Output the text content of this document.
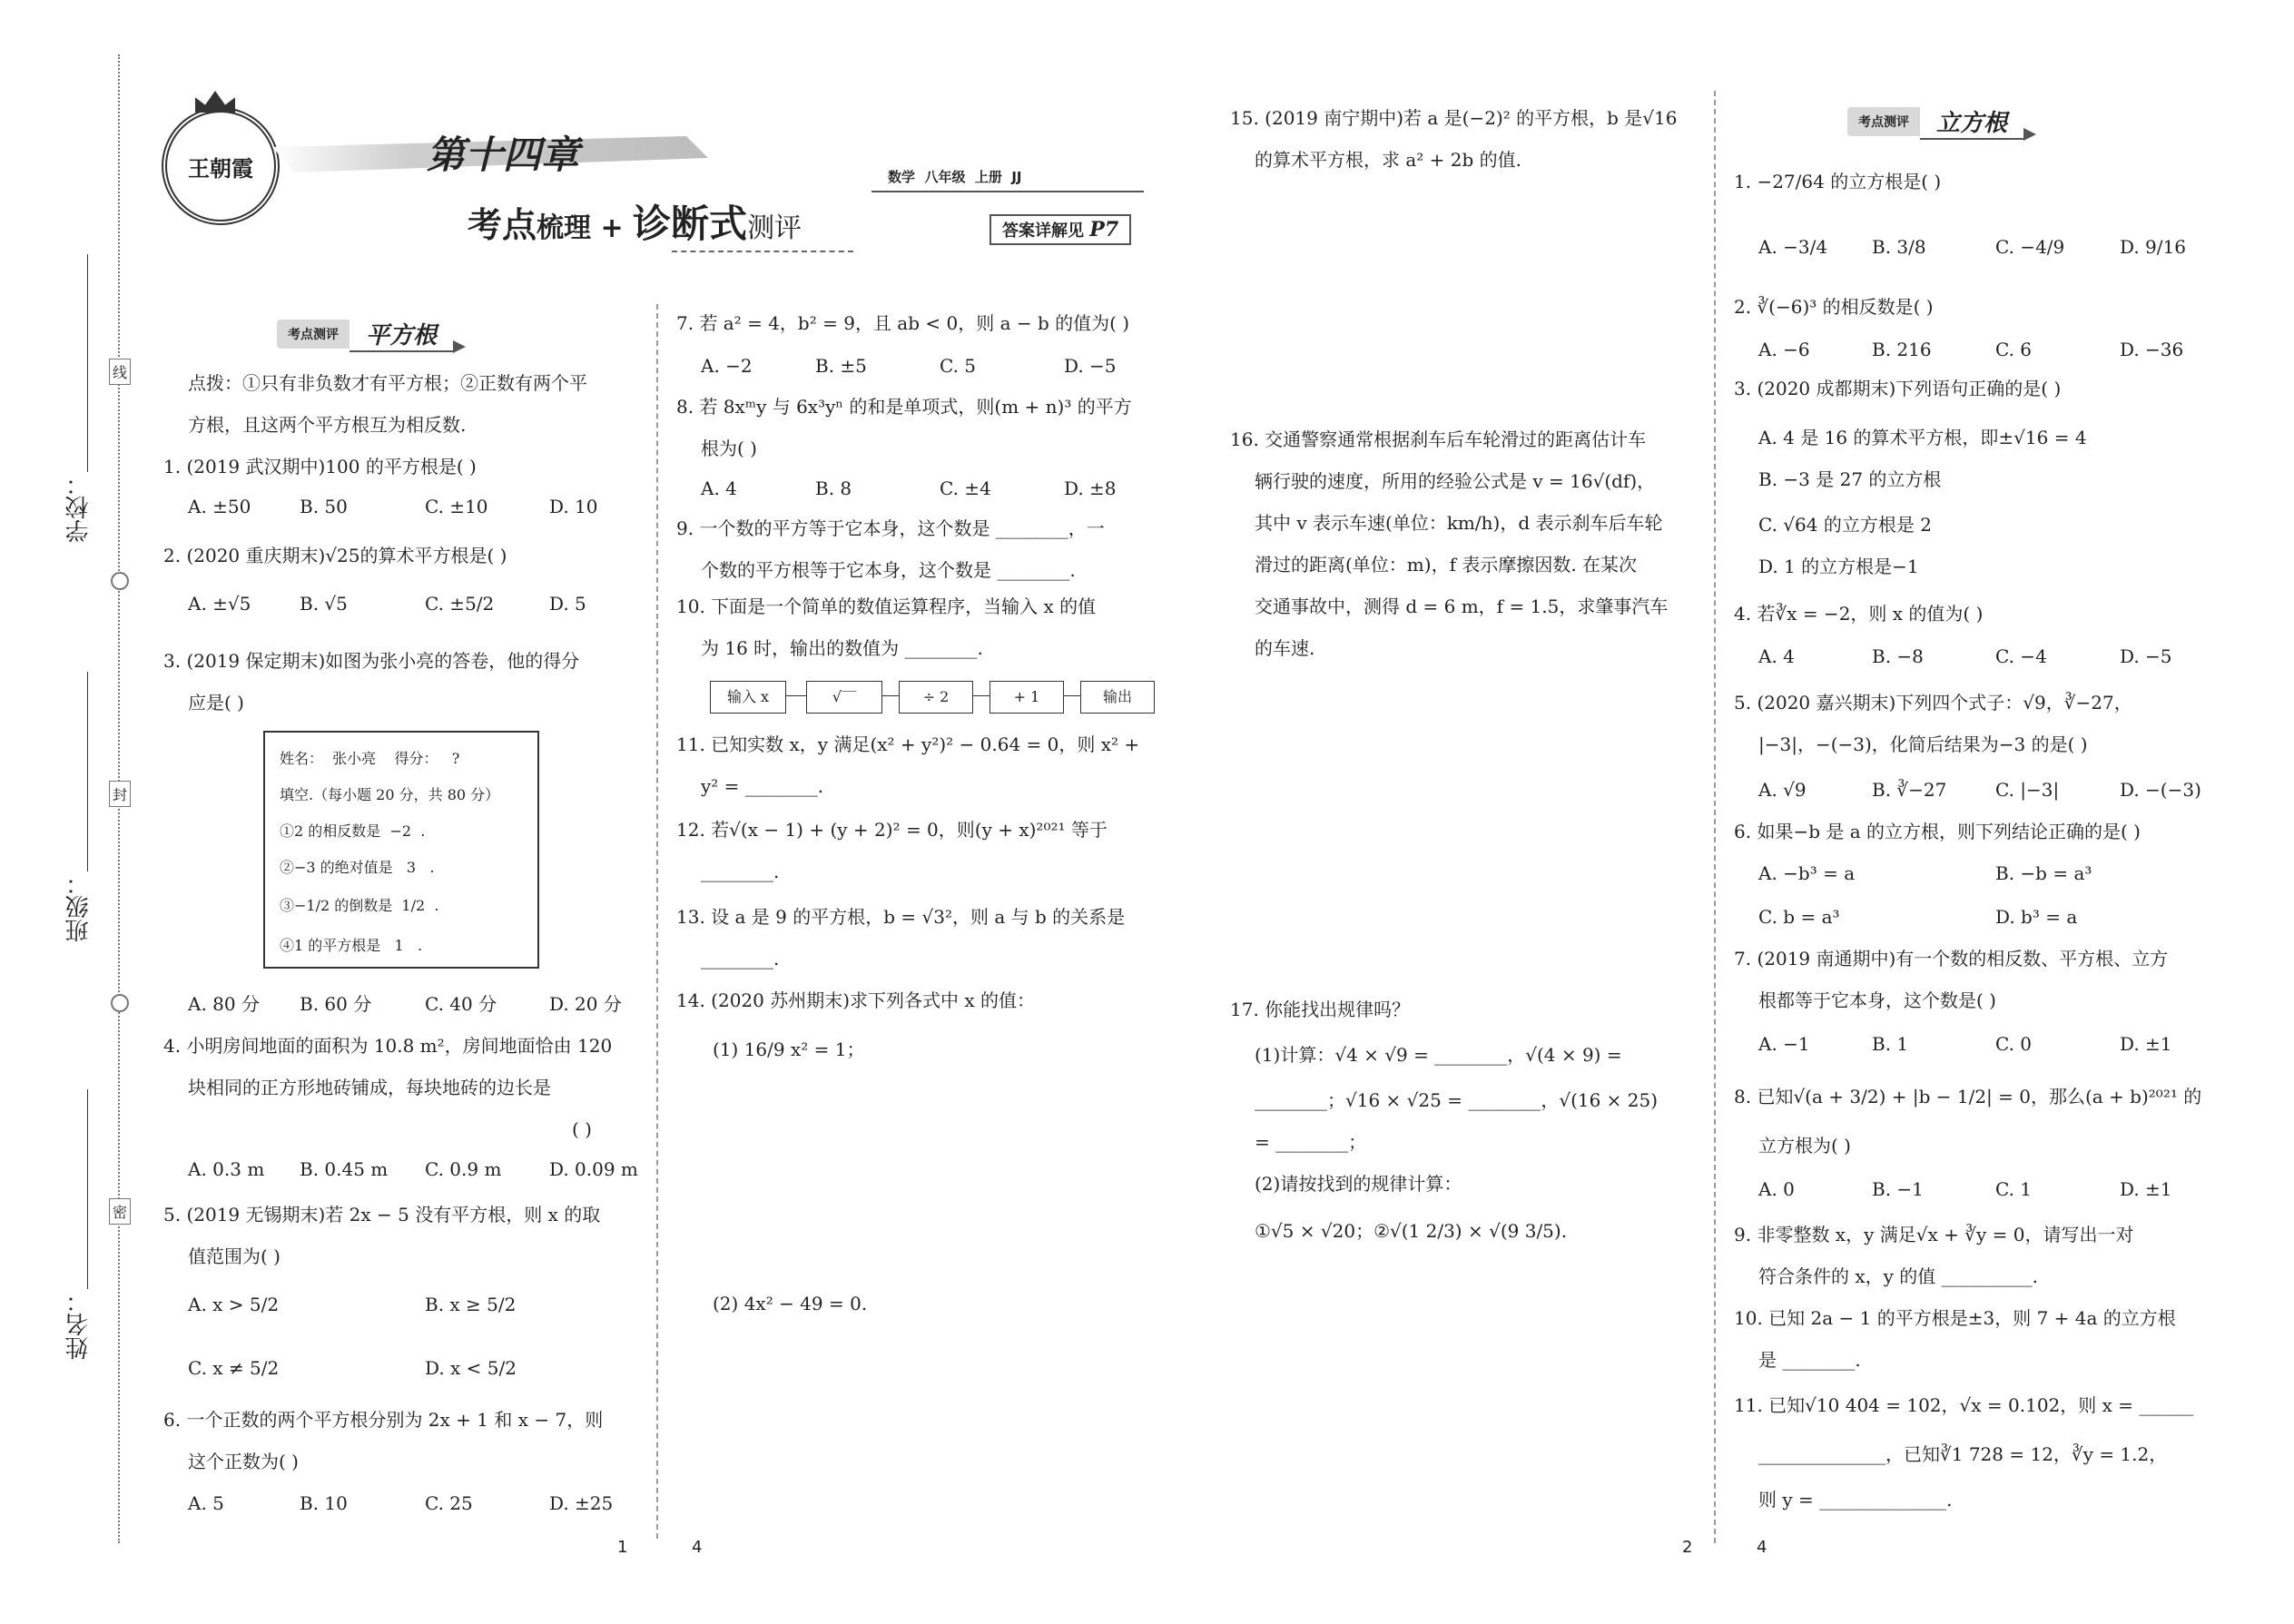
学校：
班级：
姓名：
线
封
密
王朝霞	第十四章
考点梳理 + 诊断式测评
数学  八年级  上册  JJ
答案详解见 P7
考点测评	平方根
点拨：①只有非负数才有平方根；②正数有两个平
方根，且这两个平方根互为相反数.
1. (2019 武汉期中)100 的平方根是( )
A. ±50	B. 50	C. ±10	D. 10
2. (2020 重庆期末)√25的算术平方根是( )
A. ±√5	B. √5	C. ±5/2	D. 5
3. (2019 保定期末)如图为张小亮的答卷，他的得分
应是( )
姓名：  张小亮    得分：   ?
填空.（每小题 20 分，共 80 分）
①2 的相反数是  −2  .
②−3 的绝对值是   3   .
③−1/2 的倒数是  1/2  .
④1 的平方根是   1   .
A. 80 分 B. 60 分	C. 40 分	D. 20 分
4. 小明房间地面的面积为 10.8 m²，房间地面恰由 120
块相同的正方形地砖铺成，每块地砖的边长是
( )
A. 0.3 m B. 0.45 m C. 0.9 m	D. 0.09 m
5. (2019 无锡期末)若 2x − 5 没有平方根，则 x 的取
值范围为( )
A. x > 5/2	B. x ≥ 5/2
C. x ≠ 5/2	D. x < 5/2
6. 一个正数的两个平方根分别为 2x + 1 和 x − 7，则
这个正数为( )
A. 5	B. 10	C. 25	D. ±25
7. 若 a² = 4，b² = 9，且 ab < 0，则 a − b 的值为( )
A. −2	B. ±5	C. 5	D. −5
8. 若 8xᵐy 与 6x³yⁿ 的和是单项式，则(m + n)³ 的平方
根为( )
A. 4	B. 8	C. ±4	D. ±8
9. 一个数的平方等于它本身，这个数是 ________，一
个数的平方根等于它本身，这个数是 ________.
10. 下面是一个简单的数值运算程序，当输入 x 的值
为 16 时，输出的数值为 ________.
输入 x	√‾‾	÷ 2	+ 1	输出
11. 已知实数 x，y 满足(x² + y²)² − 0.64 = 0，则 x² +
y² = ________.
12. 若√(x − 1) + (y + 2)² = 0，则(y + x)²⁰²¹ 等于
________.
13. 设 a 是 9 的平方根，b = √3²，则 a 与 b 的关系是
________.
14. (2020 苏州期末)求下列各式中 x 的值：
(1) 16/9 x² = 1；
(2) 4x² − 49 = 0.
15. (2019 南宁期中)若 a 是(−2)² 的平方根，b 是√16
的算术平方根，求 a² + 2b 的值.
16. 交通警察通常根据刹车后车轮滑过的距离估计车
辆行驶的速度，所用的经验公式是 v = 16√(df)，
其中 v 表示车速(单位：km/h)，d 表示刹车后车轮
滑过的距离(单位：m)，f 表示摩擦因数. 在某次
交通事故中，测得 d = 6 m，f = 1.5，求肇事汽车
的车速.
17. 你能找出规律吗？
(1)计算：√4 × √9 = ________，√(4 × 9) =
________；√16 × √25 = ________，√(16 × 25)
= ________；
(2)请按找到的规律计算：
①√5 × √20；②√(1 2/3) × √(9 3/5).
考点测评	立方根
1. −27/64 的立方根是( )
A. −3/4 B. 3/8	C. −4/9	D. 9/16
2. ∛(−6)³ 的相反数是( )
A. −6	B. 216	C. 6	D. −36
3. (2020 成都期末)下列语句正确的是( )
A. 4 是 16 的算术平方根，即±√16 = 4
B. −3 是 27 的立方根
C. √64 的立方根是 2
D. 1 的立方根是−1
4. 若∛x = −2，则 x 的值为( )
A. 4	B. −8	C. −4	D. −5
5. (2020 嘉兴期末)下列四个式子：√9，∛−27，
|−3|，−(−3)，化简后结果为−3 的是( )
A. √9	B. ∛−27	C. |−3|	D. −(−3)
6. 如果−b 是 a 的立方根，则下列结论正确的是( )
A. −b³ = a	B. −b = a³
C. b = a³	D. b³ = a
7. (2019 南通期中)有一个数的相反数、平方根、立方
根都等于它本身，这个数是( )
A. −1	B. 1	C. 0	D. ±1
8. 已知√(a + 3/2) + |b − 1/2| = 0，那么(a + b)²⁰²¹ 的
立方根为( )
A. 0	B. −1	C. 1	D. ±1
9. 非零整数 x，y 满足√x + ∛y = 0，请写出一对
符合条件的 x，y 的值 __________.
10. 已知 2a − 1 的平方根是±3，则 7 + 4a 的立方根
是 ________.
11. 已知√10 404 = 102，√x = 0.102，则 x = ______
______________，已知∛1 728 = 12，∛y = 1.2，
则 y = ______________.
1	4	2	4
